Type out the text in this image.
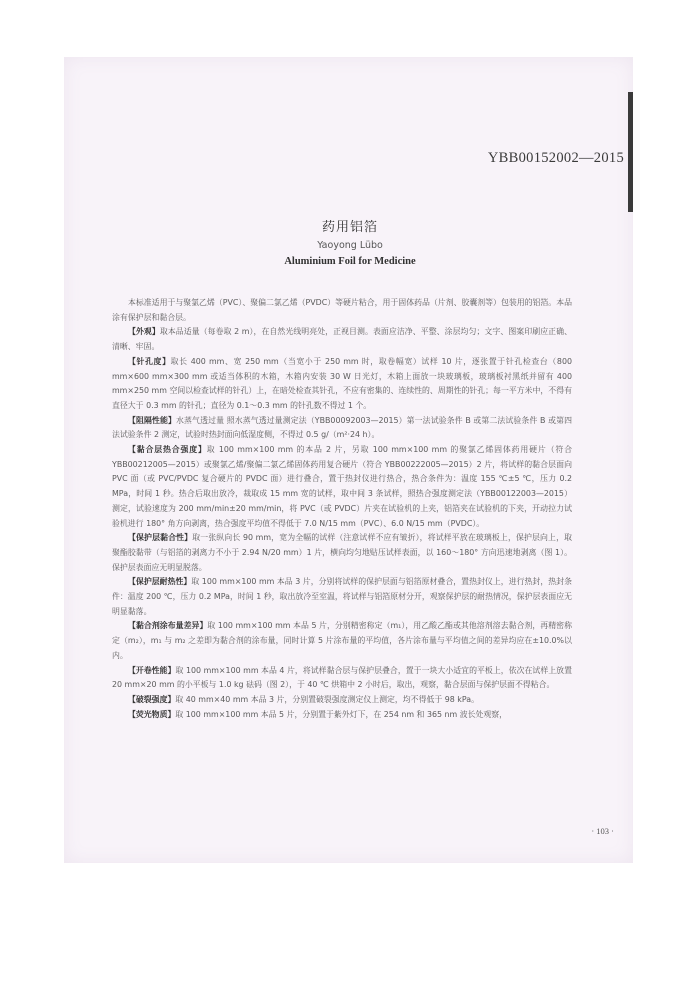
YBB00152002—2015
药用铝箔
Yaoyong Lübo
Aluminium Foil for Medicine

本标准适用于与聚氯乙烯（PVC）、聚偏二氯乙烯（PVDC）等硬片粘合，用于固体药品（片剂、胶囊剂等）包装用的铝箔。本品涂有保护层和黏合层。

【外观】取本品适量（每卷取 2 m），在自然光线明亮处，正视目测。表面应洁净、平整、涂层均匀；文字、图案印刷应正确、清晰、牢固。

【针孔度】取长 400 mm、宽 250 mm（当宽小于 250 mm 时，取卷幅宽）试样 10 片，逐张置于针孔检查台（800 mm×600 mm×300 mm 或适当体积的木箱，木箱内安装 30 W 日光灯，木箱上面放一块玻璃板，玻璃板衬黑纸并留有 400 mm×250 mm 空间以检查试样的针孔）上，在暗处检查其针孔，不应有密集的、连续性的、周期性的针孔；每一平方米中，不得有直径大于 0.3 mm 的针孔；直径为 0.1～0.3 mm 的针孔数不得过 1 个。

【阻隔性能】水蒸气透过量 照水蒸气透过量测定法（YBB00092003—2015）第一法试验条件 B 或第二法试验条件 B 或第四法试验条件 2 测定，试验时热封面向低湿度侧，不得过 0.5 g/（m²·24 h）。

【黏合层热合强度】取 100 mm×100 mm 的本品 2 片，另取 100 mm×100 mm 的聚氯乙烯固体药用硬片（符合 YBB00212005—2015）或聚氯乙烯/聚偏二氯乙烯固体药用复合硬片（符合 YBB00222005—2015）2 片，将试样的黏合层面向 PVC 面（或 PVC/PVDC 复合硬片的 PVDC 面）进行叠合，置于热封仪进行热合，热合条件为：温度 155 ℃±5 ℃，压力 0.2 MPa，时间 1 秒。热合后取出放冷，裁取成 15 mm 宽的试样，取中间 3 条试样，照热合强度测定法（YBB00122003—2015）测定，试验速度为 200 mm/min±20 mm/min，将 PVC（或 PVDC）片夹在试验机的上夹，铝箔夹在试验机的下夹，开动拉力试验机进行 180° 角方向剥离，热合强度平均值不得低于 7.0 N/15 mm（PVC）、6.0 N/15 mm（PVDC）。

【保护层黏合性】取一张纵向长 90 mm，宽为全幅的试样（注意试样不应有皱折），将试样平放在玻璃板上，保护层向上，取聚酯胶黏带（与铝箔的剥离力不小于 2.94 N/20 mm）1 片，横向均匀地贴压试样表面，以 160～180° 方向迅速地剥离（图 1）。保护层表面应无明显脱落。

【保护层耐热性】取 100 mm×100 mm 本品 3 片，分别将试样的保护层面与铝箔原材叠合，置热封仪上，进行热封，热封条件：温度 200 ℃，压力 0.2 MPa，时间 1 秒，取出放冷至室温，将试样与铝箔原材分开，观察保护层的耐热情况，保护层表面应无明显黏落。

【黏合剂涂布量差异】取 100 mm×100 mm 本品 5 片，分别精密称定（m₁），用乙酸乙酯或其他溶剂溶去黏合剂，再精密称定（m₂），m₁ 与 m₂ 之差即为黏合剂的涂布量，同时计算 5 片涂布量的平均值，各片涂布量与平均值之间的差异均应在±10.0%以内。

【开卷性能】取 100 mm×100 mm 本品 4 片，将试样黏合层与保护层叠合，置于一块大小适宜的平板上，依次在试样上放置 20 mm×20 mm 的小平板与 1.0 kg 砝码（图 2），于 40 ℃ 烘箱中 2 小时后，取出，观察，黏合层面与保护层面不得粘合。

【破裂强度】取 40 mm×40 mm 本品 3 片，分别置破裂强度测定仪上测定，均不得低于 98 kPa。

【荧光物质】取 100 mm×100 mm 本品 5 片，分别置于紫外灯下，在 254 nm 和 365 nm 波长处观察，

· 103 ·
